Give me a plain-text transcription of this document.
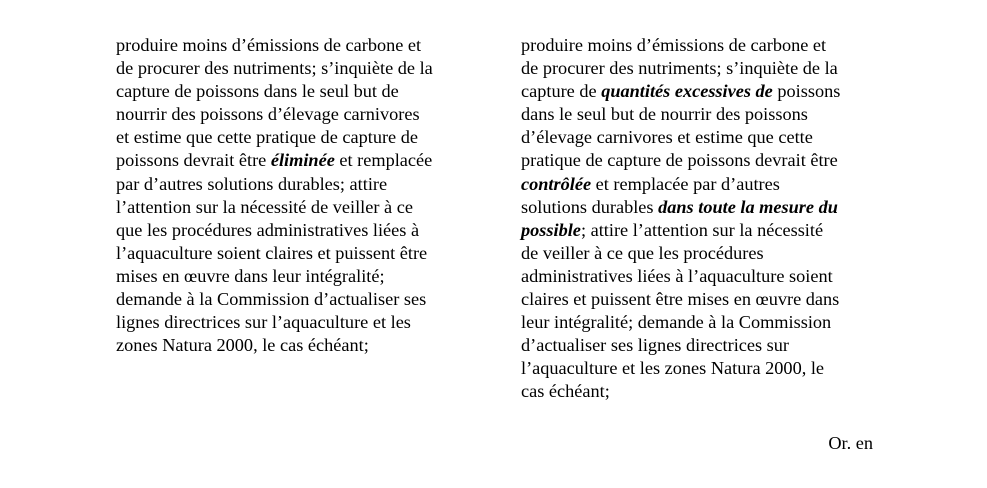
produire moins d’émissions de carbone et
de procurer des nutriments; s’inquiète de la
capture de poissons dans le seul but de
nourrir des poissons d’élevage carnivores
et estime que cette pratique de capture de
poissons devrait être éliminée et remplacée
par d’autres solutions durables; attire
l’attention sur la nécessité de veiller à ce
que les procédures administratives liées à
l’aquaculture soient claires et puissent être
mises en œuvre dans leur intégralité;
demande à la Commission d’actualiser ses
lignes directrices sur l’aquaculture et les
zones Natura 2000, le cas échéant;
produire moins d’émissions de carbone et
de procurer des nutriments; s’inquiète de la
capture de quantités excessives de poissons
dans le seul but de nourrir des poissons
d’élevage carnivores et estime que cette
pratique de capture de poissons devrait être
contrôlée et remplacée par d’autres
solutions durables dans toute la mesure du
possible; attire l’attention sur la nécessité
de veiller à ce que les procédures
administratives liées à l’aquaculture soient
claires et puissent être mises en œuvre dans
leur intégralité; demande à la Commission
d’actualiser ses lignes directrices sur
l’aquaculture et les zones Natura 2000, le
cas échéant;
Or. en
